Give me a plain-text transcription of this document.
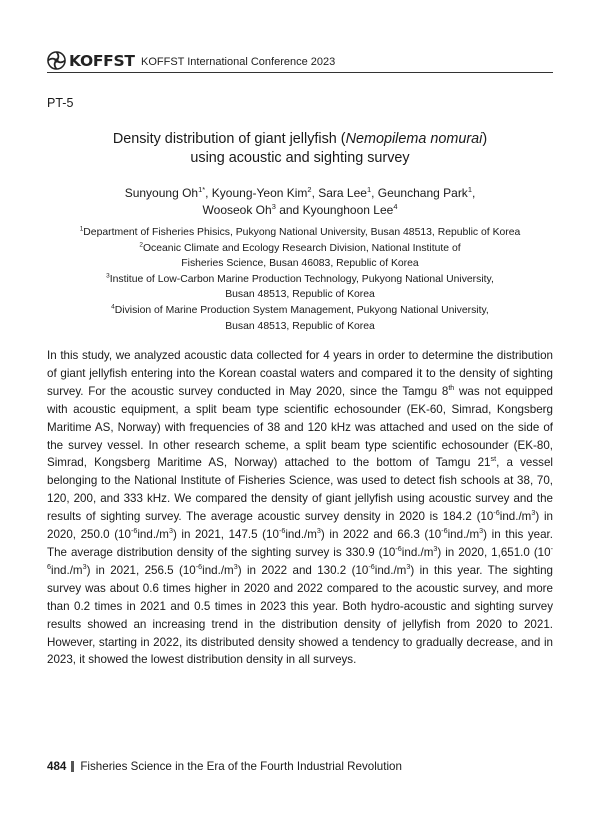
KOFFST KOFFST International Conference 2023
PT-5
Density distribution of giant jellyfish (Nemopilema nomurai)
using acoustic and sighting survey
Sunyoung $Oh^{1*}$, Kyoung-Yeon Kim$^2$, Sara Lee$^1$, Geunchang Park$^1$,
Wooseok Oh$^3$ and Kyounghoon Lee$^4$
$^1$Department of Fisheries Phisics, Pukyong National University, Busan 48513, Republic of Korea
$^2$Oceanic Climate and Ecology Research Division, National Institute of
Fisheries Science, Busan 46083, Republic of Korea
$^3$Institue of Low-Carbon Marine Production Technology, Pukyong National University,
Busan 48513, Republic of Korea
$^4$Division of Marine Production System Management, Pukyong National University,
Busan 48513, Republic of Korea
In this study, we analyzed acoustic data collected for 4 years in order to determine the distribution of giant jellyfish entering into the Korean coastal waters and compared it to the density of sighting survey. For the acoustic survey conducted in May 2020, since the Tamgu 8th was not equipped with acoustic equipment, a split beam type scientific echosounder (EK-60, Simrad, Kongsberg Maritime AS, Norway) with frequencies of 38 and 120 kHz was attached and used on the side of the survey vessel. In other research scheme, a split beam type scientific echosounder (EK-80, Simrad, Kongsberg Maritime AS, Norway) attached to the bottom of Tamgu 21st, a vessel belonging to the National Institute of Fisheries Science, was used to detect fish schools at 38, 70, 120, 200, and 333 kHz. We compared the density of giant jellyfish using acoustic survey and the results of sighting survey. The average acoustic survey density in 2020 is 184.2 $(10^{-6}ind./m^3)$ in 2020, 250.0 $(10^{-6}ind./m^3)$ in 2021, 147.5 $(10^{-6}ind./m^3)$ in 2022 and 66.3 $(10^{-6}ind./m^3)$ in this year. The average distribution density of the sighting survey is 330.9 $(10^{-6}ind./m^3)$ in 2020, 1,651.0 $(10^{-6}ind./m^3)$ in 2021, 256.5 $(10^{-6}ind./m^3)$ in 2022 and 130.2 $(10^{-6}ind./m^3)$ in this year. The sighting survey was about 0.6 times higher in 2020 and 2022 compared to the acoustic survey, and more than 0.2 times in 2021 and 0.5 times in 2023 this year. Both hydro-acoustic and sighting survey results showed an increasing trend in the distribution density of jellyfish from 2020 to 2021. However, starting in 2022, its distributed density showed a tendency to gradually decrease, and in 2023, it showed the lowest distribution density in all surveys.
484 Fisheries Science in the Era of the Fourth Industrial Revolution
